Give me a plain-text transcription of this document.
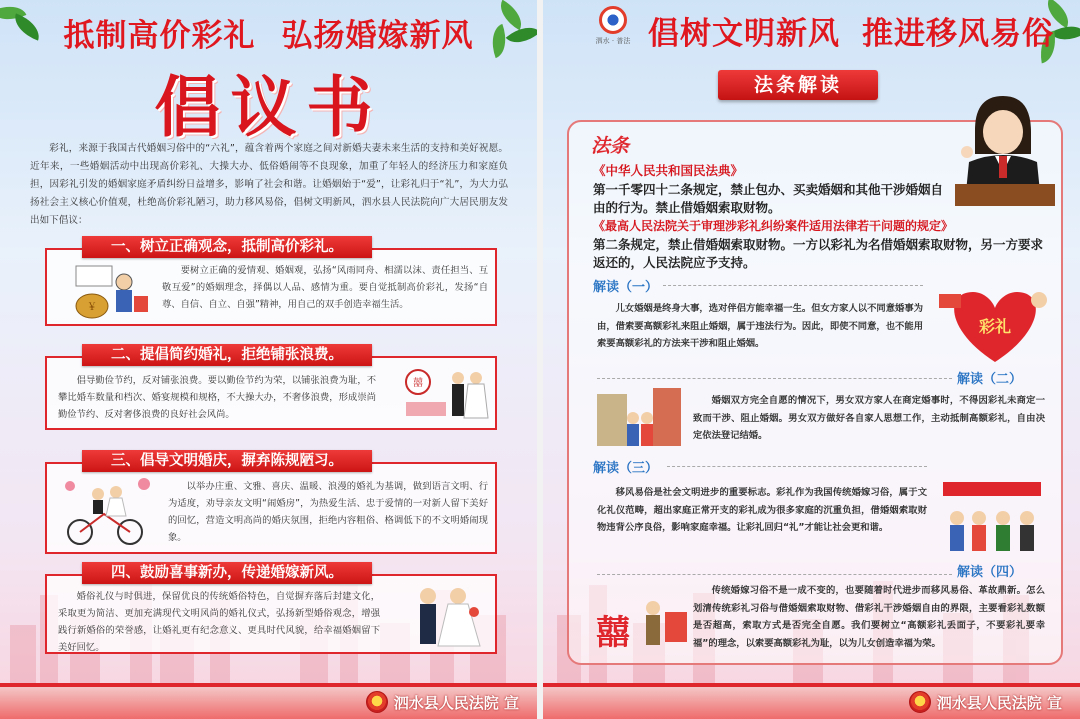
抵制高价彩礼 弘扬婚嫁新风
倡议书
彩礼，来源于我国古代婚姻习俗中的“六礼”，蕴含着两个家庭之间对新婚夫妻未来生活的支持和美好祝愿。近年来，一些婚姻活动中出现高价彩礼、大操大办、低俗婚闹等不良现象，加重了年轻人的经济压力和家庭负担，因彩礼引发的婚姻家庭矛盾纠纷日益增多，影响了社会和谐。让婚姻始于“爱”，让彩礼归于“礼”，为大力弘扬社会主义核心价值观，杜绝高价彩礼陋习，助力移风易俗，倡树文明新风，泗水县人民法院向广大居民朋友发出如下倡议：
一、树立正确观念，抵制高价彩礼。
￥
要树立正确的爱情观、婚姻观，弘扬“风雨同舟、相濡以沫、责任担当、互敬互爱”的婚姻理念，择偶以人品、感情为重。要自觉抵制高价彩礼，发扬“自尊、自信、自立、自强”精神，用自己的双手创造幸福生活。
二、提倡简约婚礼，拒绝铺张浪费。
倡导勤俭节约，反对铺张浪费。要以勤俭节约为荣，以铺张浪费为耻，不攀比婚车数量和档次、婚宴规模和规格，不大操大办，不奢侈浪费，形成崇尚勤俭节约、反对奢侈浪费的良好社会风尚。
囍
三、倡导文明婚庆，摒弃陈规陋习。
以举办庄重、文雅、喜庆、温暖、浪漫的婚礼为基调，做到语言文明、行为适度，劝导亲友文明“闹婚房”，为热爱生活、忠于爱情的一对新人留下美好的回忆，营造文明高尚的婚庆氛围，拒绝内容粗俗、格调低下的不文明婚闹现象。
四、鼓励喜事新办，传递婚嫁新风。
婚俗礼仪与时俱进，保留优良的传统婚俗特色，自觉摒弃落后封建文化，采取更为简洁、更加充满现代文明风尚的婚礼仪式，弘扬新型婚俗观念，增强践行新婚俗的荣誉感，让婚礼更有纪念意义、更具时代风貌，给幸福婚姻留下美好回忆。
泗水县人民法院 宣
泗水 · 普法 倡树文明新风 推进移风易俗
法条解读
法条
《中华人民共和国民法典》
第一千零四十二条规定，禁止包办、买卖婚姻和其他干涉婚姻自由的行为。禁止借婚姻索取财物。
《最高人民法院关于审理涉彩礼纠纷案件适用法律若干问题的规定》
第二条规定，禁止借婚姻索取财物。一方以彩礼为名借婚姻索取财物，另一方要求返还的，人民法院应予支持。
解读（一）
儿女婚姻是终身大事，选对伴侣方能幸福一生。但女方家人以不同意婚事为由，借索要高额彩礼来阻止婚姻，属于违法行为。因此，即使不同意，也不能用索要高额彩礼的方法来干涉和阻止婚姻。
彩礼
解读（二）
婚姻双方完全自愿的情况下，男女双方家人在商定婚事时，不得因彩礼未商定一致而干涉、阻止婚姻。男女双方做好各自家人思想工作，主动抵制高额彩礼，自由决定依法登记结婚。
解读（三）
移风易俗是社会文明进步的重要标志。彩礼作为我国传统婚嫁习俗，属于文化礼仪范畴，超出家庭正常开支的彩礼成为很多家庭的沉重负担，借婚姻索取财物违背公序良俗，影响家庭幸福。让彩礼回归“礼”才能让社会更和谐。
解读（四）
囍
传统婚嫁习俗不是一成不变的，也要随着时代进步而移风易俗、革故鼎新。怎么划清传统彩礼习俗与借婚姻索取财物、借彩礼干涉婚姻自由的界限，主要看彩礼数额是否超高，索取方式是否完全自愿。我们要树立“高额彩礼丢面子，不要彩礼要幸福”的理念，以索要高额彩礼为耻，以为儿女创造幸福为荣。
泗水县人民法院 宣
